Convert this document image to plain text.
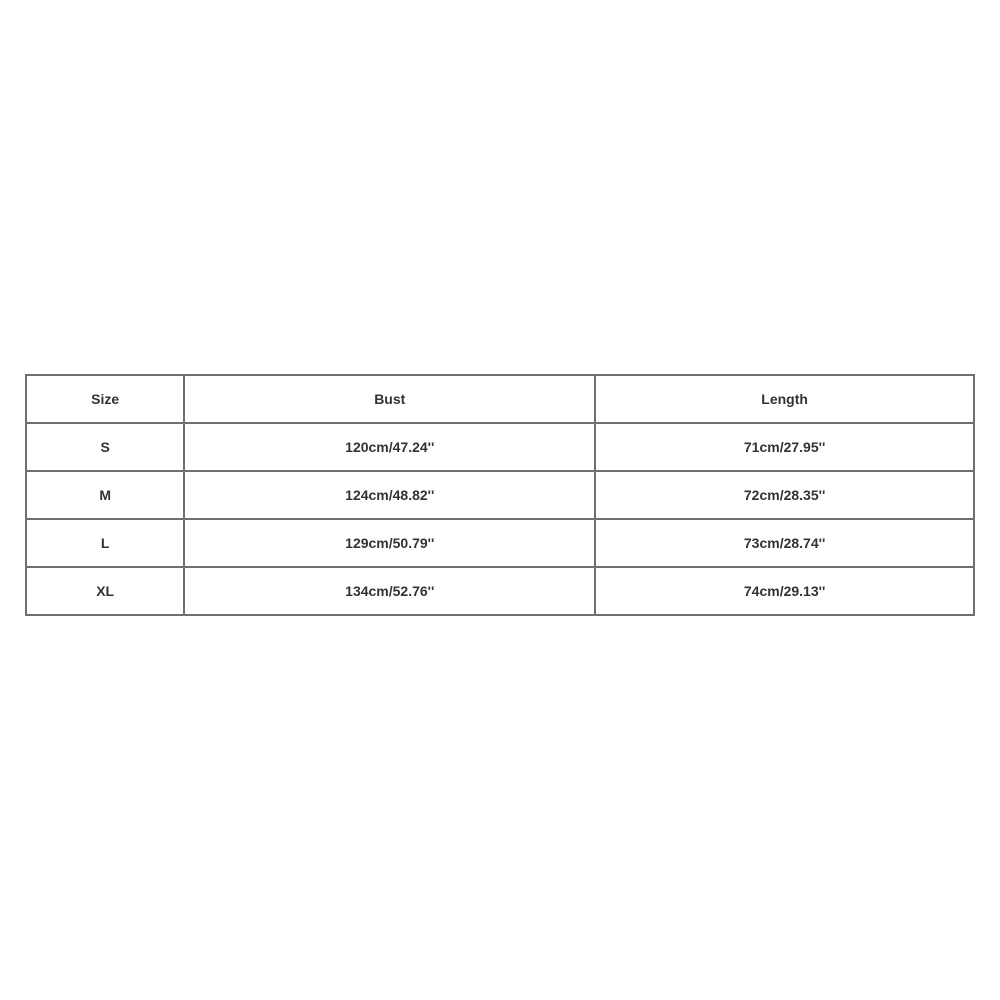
Size	Bust	Length
S	120cm/47.24''	71cm/27.95''
M	124cm/48.82''	72cm/28.35''
L	129cm/50.79''	73cm/28.74''
XL	134cm/52.76''	74cm/29.13''
